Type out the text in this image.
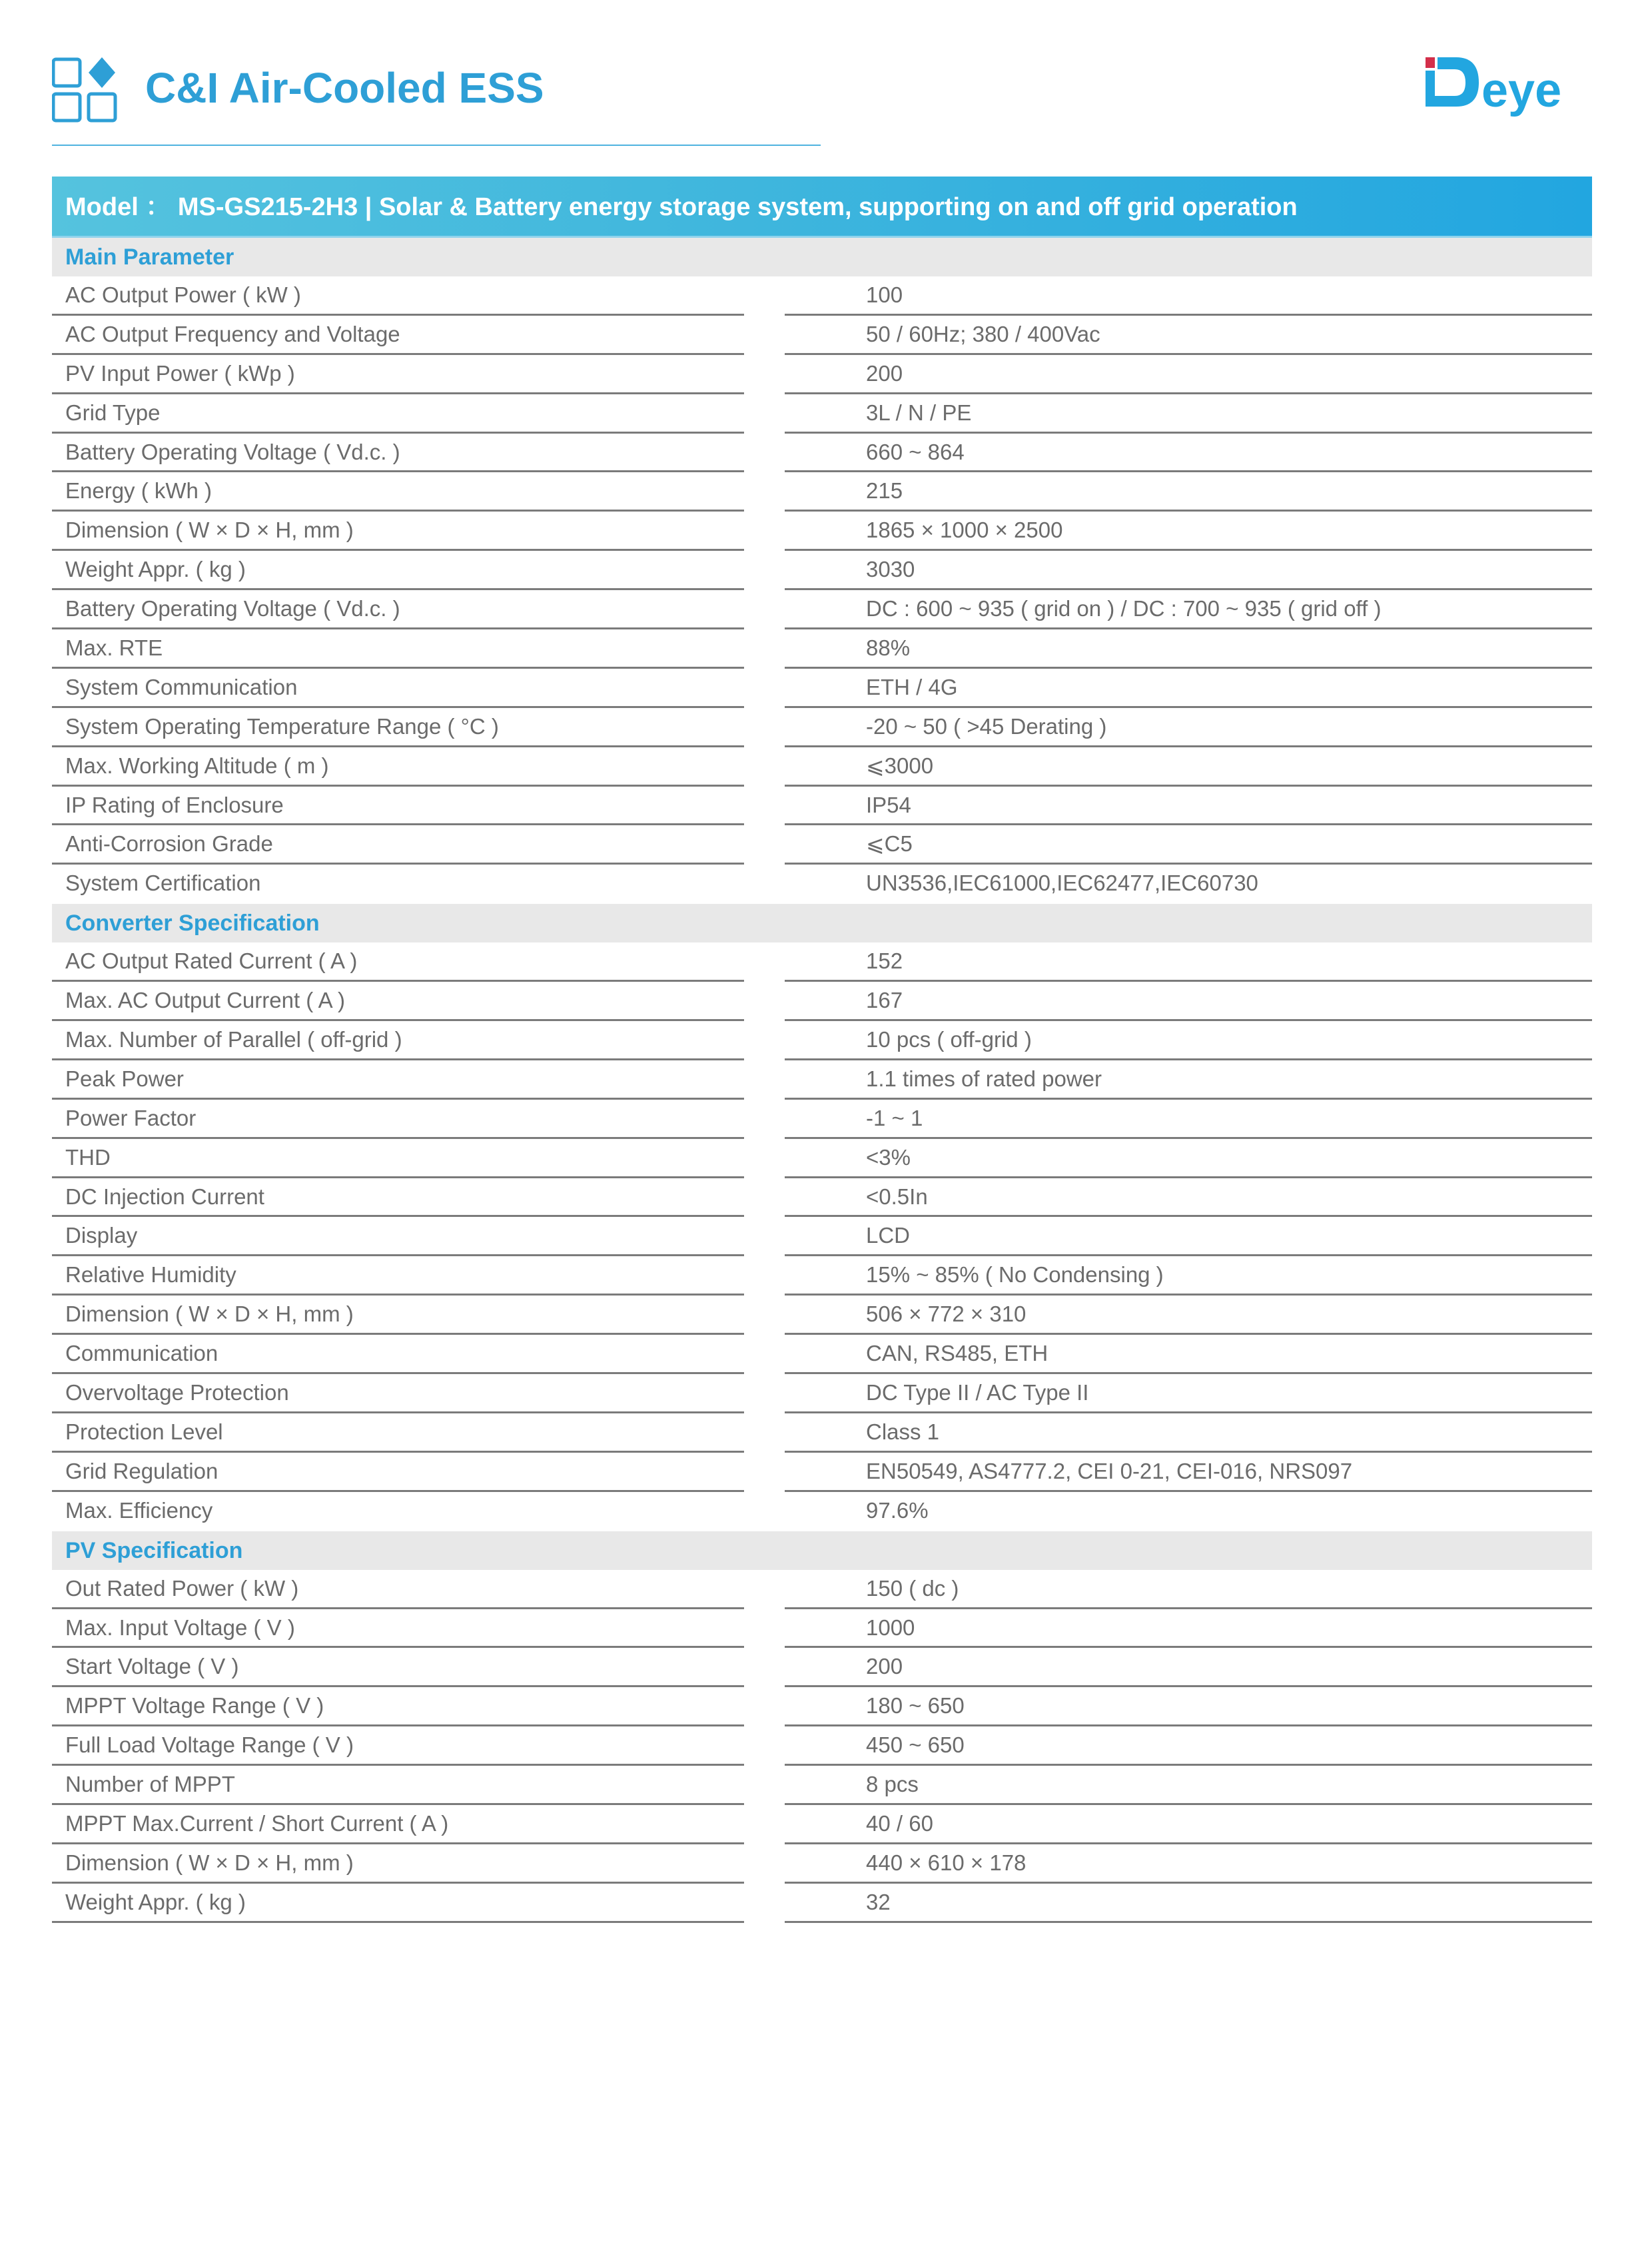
C&I Air-Cooled ESS	eye
Model ： MS-GS215-2H3 | Solar & Battery energy storage system, supporting on and off grid operation
Main Parameter
AC Output Power ( kW )	100
AC Output Frequency and Voltage	50 / 60Hz; 380 / 400Vac
PV Input Power ( kWp )	200
Grid Type	3L / N / PE
Battery Operating Voltage ( Vd.c. )	660 ~ 864
Energy ( kWh )	215
Dimension ( W × D × H, mm )	1865 × 1000 × 2500
Weight Appr. ( kg )	3030
Battery Operating Voltage ( Vd.c. )	DC : 600 ~ 935 ( grid on ) / DC : 700 ~ 935 ( grid off )
Max. RTE	88%
System Communication	ETH / 4G
System Operating Temperature Range ( °C )	-20 ~ 50 ( >45 Derating )
Max. Working Altitude ( m )	⩽3000
IP Rating of Enclosure	IP54
Anti-Corrosion Grade	⩽C5
System Certification	UN3536,IEC61000,IEC62477,IEC60730
Converter Specification
AC Output Rated Current ( A )	152
Max. AC Output Current ( A )	167
Max. Number of Parallel ( off-grid )	10 pcs ( off-grid )
Peak Power	1.1 times of rated power
Power Factor	-1 ~ 1
THD	<3%
DC Injection Current	<0.5In
Display	LCD
Relative Humidity	15% ~ 85% ( No Condensing )
Dimension ( W × D × H, mm )	506 × 772 × 310
Communication	CAN, RS485, ETH
Overvoltage Protection	DC Type II / AC Type II
Protection Level	Class 1
Grid Regulation	EN50549, AS4777.2, CEI 0-21, CEI-016, NRS097
Max. Efficiency	97.6%
PV Specification
Out Rated Power ( kW )	150 ( dc )
Max. Input Voltage ( V )	1000
Start Voltage ( V )	200
MPPT Voltage Range ( V )	180 ~ 650
Full Load Voltage Range ( V )	450 ~ 650
Number of MPPT	8 pcs
MPPT Max.Current / Short Current ( A )	40 / 60
Dimension ( W × D × H, mm )	440 × 610 × 178
Weight Appr. ( kg )	32
